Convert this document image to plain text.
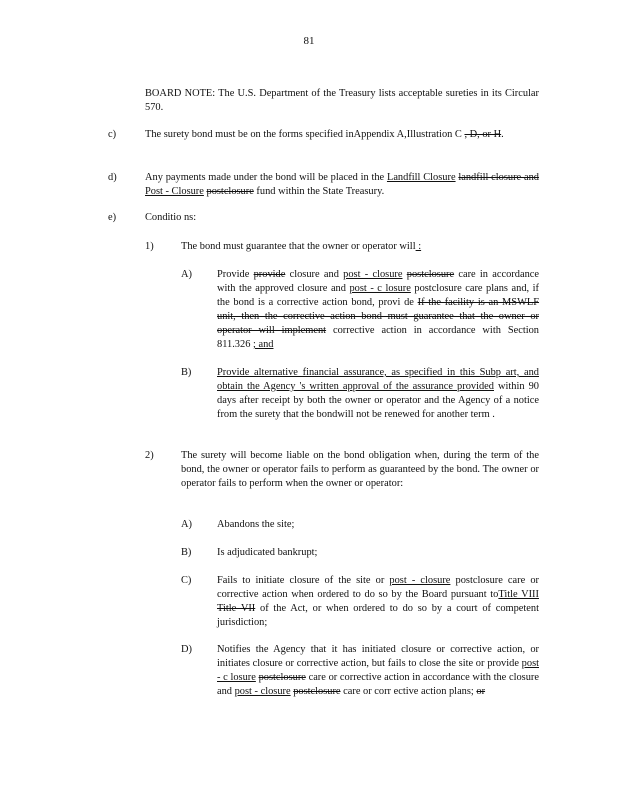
81
BOARD NOTE: The U.S. Department of the Treasury lists acceptable sureties in its Circular 570.
c)	The surety bond must be on the forms specified inAppendix A,Illustration C , D, or H.
d)	Any payments made under the bond will be placed in the Landfill Closure landfill closure and Post - Closure postclosure fund within the State Treasury.
e)	Conditio ns:
1)	The bond must guarantee that the owner or operator will :
A) Provide provide closure and post - closure postclosure care in accordance with the approved closure and post - c losure postclosure care plans and, if the bond is a corrective action bond, provi de If the facility is an MSWLF unit, then the corrective action bond must guarantee that the owner or operator will implement corrective action in accordance with Section 811.326 ; and
B) Provide alternative financial assurance, as specified in this Subp art, and obtain the Agency 's written approval of the assurance provided within 90 days after receipt by both the owner or operator and the Agency of a notice from the surety that the bondwill not be renewed for another term .
2)	The surety will become liable on the bond obligation when, during the term of the bond, the owner or operator fails to perform as guaranteed by the bond. The owner or operator fails to perform when the owner or operator:
A) Abandons the site;
B) Is adjudicated bankrupt;
C) Fails to initiate closure of the site or post - closure postclosure care or corrective action when ordered to do so by the Board pursuant toTitle VIII Title VII of the Act, or when ordered to do so by a court of competent jurisdiction;
D) Notifies the Agency that it has initiated closure or corrective action, or initiates closure or corrective action, but fails to close the site or provide post - c losure postclosure care or corrective action in accordance with the closure and post - closure postclosure care or corr ective action plans; or
